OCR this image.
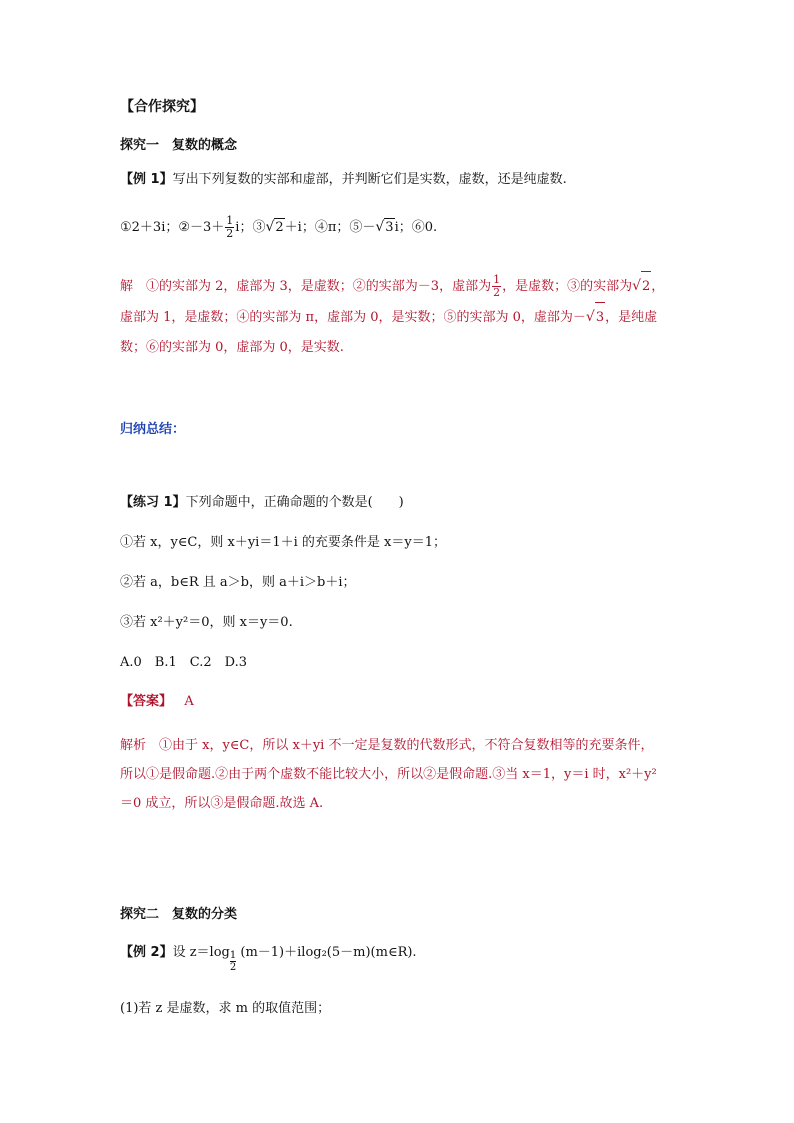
【合作探究】
探究一　复数的概念
【例 1】写出下列复数的实部和虚部，并判断它们是实数，虚数，还是纯虚数.
①2＋3i；②－3＋ $\frac{1}{2}$ i；③√2＋i；④π；⑤－√3i；⑥0.
解　①的实部为 2，虚部为 3，是虚数；②的实部为－3，虚部为 $\frac{1}{2}$ ，是虚数；③的实部为√2，
虚部为 1，是虚数；④的实部为 π，虚部为 0，是实数；⑤的实部为 0，虚部为－√3，是纯虚
数；⑥的实部为 0，虚部为 0，是实数.
归纳总结：
【练习 1】下列命题中，正确命题的个数是(　　)
①若 x，y∈C，则 x＋yi＝1＋i 的充要条件是 x＝y＝1；
②若 a，b∈R 且 a＞b，则 a＋i＞b＋i；
③若 x²＋y²＝0，则 x＝y＝0.
A.0　B.1　C.2　D.3
【答案】 A
解析　①由于 x，y∈C，所以 x＋yi 不一定是复数的代数形式，不符合复数相等的充要条件，
所以①是假命题.②由于两个虚数不能比较大小，所以②是假命题.③当 x＝1，y＝i 时，x²＋y²
＝0 成立，所以③是假命题.故选 A.
探究二　复数的分类
【例 2】设 $z=\log \frac{1}{2}$ (m－1)＋ilog₂(5－m)(m∈R).
(1)若 z 是虚数，求 m 的取值范围；
